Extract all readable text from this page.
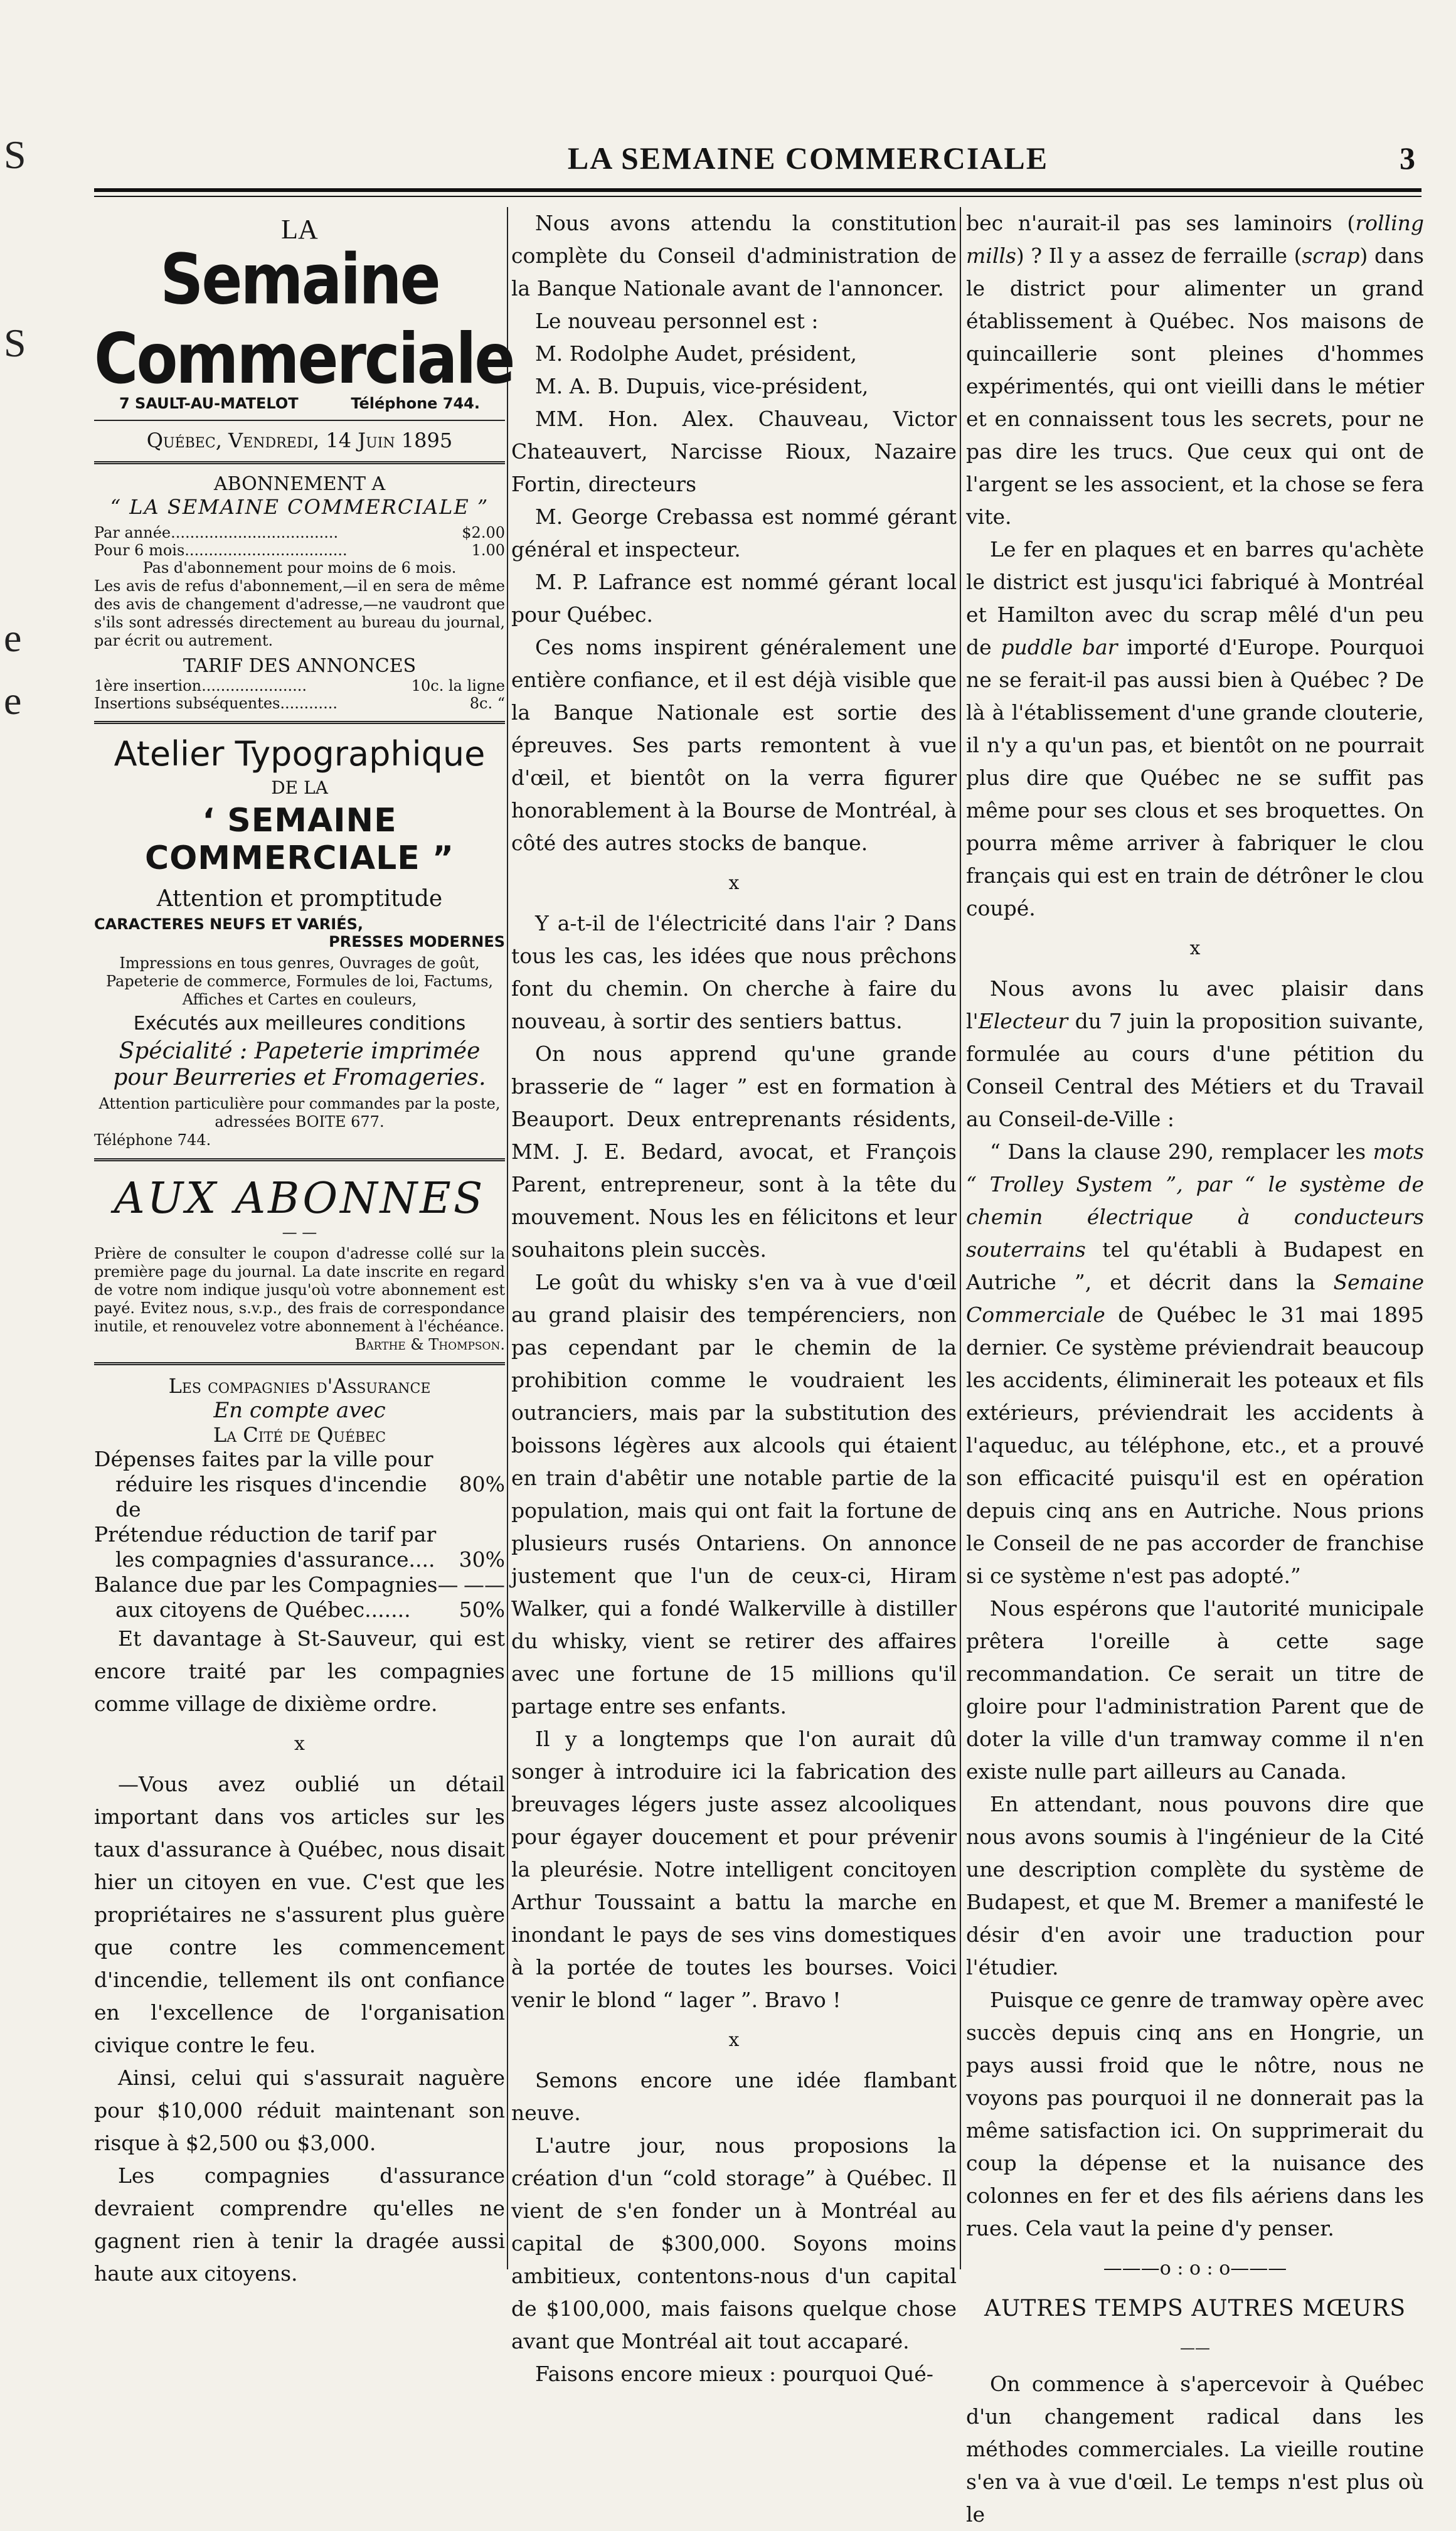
S
S
e
e
LA SEMAINE COMMERCIALE	3
LA
Semaine Commerciale
7 SAULT-AU-MATELOT	Téléphone 744.
Québec, Vendredi, 14 Juin 1895
ABONNEMENT A
“ LA SEMAINE COMMERCIALE ”
Par année...................................	$2.00
Pour 6 mois..................................	1.00

Pas d'abonnement pour moins de 6 mois.

Les avis de refus d'abonnement,—il en sera de même des avis de changement d'adresse,—ne vaudront que s'ils sont adressés directement au bureau du journal, par écrit ou autrement.

TARIF DES ANNONCES
1ère insertion......................	10c. la ligne
Insertions subséquentes............	8c. “
Atelier Typographique
DE LA
‘ SEMAINE COMMERCIALE ”
Attention et promptitude
CARACTERES NEUFS ET VARIÉS,
PRESSES MODERNES
Impressions en tous genres, Ouvrages de goût, Papeterie de commerce, Formules de loi, Factums, Affiches et Cartes en couleurs,
Exécutés aux meilleures conditions
Spécialité : Papeterie imprimée pour Beurreries et Fromageries.
Attention particulière pour commandes par la poste, adressées BOITE 677.
Téléphone 744.
AUX ABONNES
— —
Prière de consulter le coupon d'adresse collé sur la première page du journal. La date inscrite en regard de votre nom indique jusqu'où votre abonnement est payé. Evitez nous, s.v.p., des frais de correspondance inutile, et renouvelez votre abonnement à l'échéance.
Barthe & Thompson.
Les compagnies d'Assurance
En compte avec
La Cité de Québec
Dépenses faites par la ville pour
réduire les risques d'incendie de
80%
Prétendue réduction de tarif par
les compagnies d'assurance.... 30%
Balance due par les Compagnies— ——
aux citoyens de Québec....... 50%

Et davantage à St-Sauveur, qui est encore traité par les compagnies comme village de dixième ordre.

x

—Vous avez oublié un détail important dans vos articles sur les taux d'assurance à Québec, nous disait hier un citoyen en vue. C'est que les propriétaires ne s'assurent plus guère que contre les commencement d'incendie, tellement ils ont confiance en l'excellence de l'organisation civique contre le feu.

Ainsi, celui qui s'assurait naguère pour $10,000 réduit maintenant son risque à $2,500 ou $3,000.

Les compagnies d'assurance devraient comprendre qu'elles ne gagnent rien à tenir la dragée aussi haute aux citoyens.

Nous avons attendu la constitution complète du Conseil d'administration de la Banque Nationale avant de l'annoncer.

Le nouveau personnel est :

M. Rodolphe Audet, président,

M. A. B. Dupuis, vice-président,

MM. Hon. Alex. Chauveau, Victor Chateauvert, Narcisse Rioux, Nazaire Fortin, directeurs

M. George Crebassa est nommé gérant général et inspecteur.

M. P. Lafrance est nommé gérant local pour Québec.

Ces noms inspirent généralement une entière confiance, et il est déjà visible que la Banque Nationale est sortie des épreuves. Ses parts remontent à vue d'œil, et bientôt on la verra figurer honorablement à la Bourse de Montréal, à côté des autres stocks de banque.

x

Y a-t-il de l'électricité dans l'air ? Dans tous les cas, les idées que nous prêchons font du chemin. On cherche à faire du nouveau, à sortir des sentiers battus.

On nous apprend qu'une grande brasserie de “ lager ” est en formation à Beauport. Deux entreprenants résidents, MM. J. E. Bedard, avocat, et François Parent, entrepreneur, sont à la tête du mouvement. Nous les en félicitons et leur souhaitons plein succès.

Le goût du whisky s'en va à vue d'œil au grand plaisir des tempérenciers, non pas cependant par le chemin de la prohibition comme le voudraient les outranciers, mais par la substitution des boissons légères aux alcools qui étaient en train d'abêtir une notable partie de la population, mais qui ont fait la fortune de plusieurs rusés Ontariens. On annonce justement que l'un de ceux-ci, Hiram Walker, qui a fondé Walkerville à distiller du whisky, vient se retirer des affaires avec une fortune de 15 millions qu'il partage entre ses enfants.

Il y a longtemps que l'on aurait dû songer à introduire ici la fabrication des breuvages légers juste assez alcooliques pour égayer doucement et pour prévenir la pleurésie. Notre intelligent concitoyen Arthur Toussaint a battu la marche en inondant le pays de ses vins domestiques à la portée de toutes les bourses. Voici venir le blond “ lager ”. Bravo !

x

Semons encore une idée flambant neuve.

L'autre jour, nous proposions la création d'un “cold storage” à Québec. Il vient de s'en fonder un à Montréal au capital de $300,000. Soyons moins ambitieux, contentons-nous d'un capital de $100,000, mais faisons quelque chose avant que Montréal ait tout accaparé.

Faisons encore mieux : pourquoi Qué-

bec n'aurait-il pas ses laminoirs (rolling mills) ? Il y a assez de ferraille (scrap) dans le district pour alimenter un grand établissement à Québec. Nos maisons de quincaillerie sont pleines d'hommes expérimentés, qui ont vieilli dans le métier et en connaissent tous les secrets, pour ne pas dire les trucs. Que ceux qui ont de l'argent se les associent, et la chose se fera vite.

Le fer en plaques et en barres qu'achète le district est jusqu'ici fabriqué à Montréal et Hamilton avec du scrap mêlé d'un peu de puddle bar importé d'Europe. Pourquoi ne se ferait-il pas aussi bien à Québec ? De là à l'établissement d'une grande clouterie, il n'y a qu'un pas, et bientôt on ne pourrait plus dire que Québec ne se suffit pas même pour ses clous et ses broquettes. On pourra même arriver à fabriquer le clou français qui est en train de détrôner le clou coupé.

x

Nous avons lu avec plaisir dans l'Electeur du 7 juin la proposition suivante, formulée au cours d'une pétition du Conseil Central des Métiers et du Travail au Conseil-de-Ville :

“ Dans la clause 290, remplacer les mots “ Trolley System ”, par “ le système de chemin électrique à conducteurs souterrains tel qu'établi à Budapest en Autriche ”, et décrit dans la Semaine Commerciale de Québec le 31 mai 1895 dernier. Ce système préviendrait beaucoup les accidents, éliminerait les poteaux et fils extérieurs, préviendrait les accidents à l'aqueduc, au téléphone, etc., et a prouvé son efficacité puisqu'il est en opération depuis cinq ans en Autriche. Nous prions le Conseil de ne pas accorder de franchise si ce système n'est pas adopté.”

Nous espérons que l'autorité municipale prêtera l'oreille à cette sage recommandation. Ce serait un titre de gloire pour l'administration Parent que de doter la ville d'un tramway comme il n'en existe nulle part ailleurs au Canada.

En attendant, nous pouvons dire que nous avons soumis à l'ingénieur de la Cité une description complète du système de Budapest, et que M. Bremer a manifesté le désir d'en avoir une traduction pour l'étudier.

Puisque ce genre de tramway opère avec succès depuis cinq ans en Hongrie, un pays aussi froid que le nôtre, nous ne voyons pas pourquoi il ne donnerait pas la même satisfaction ici. On supprimerait du coup la dépense et la nuisance des colonnes en fer et des fils aériens dans les rues. Cela vaut la peine d'y penser.

———o : o : o———
AUTRES TEMPS AUTRES MŒURS
——

On commence à s'apercevoir à Québec d'un changement radical dans les méthodes commerciales. La vieille routine s'en va à vue d'œil. Le temps n'est plus où le
